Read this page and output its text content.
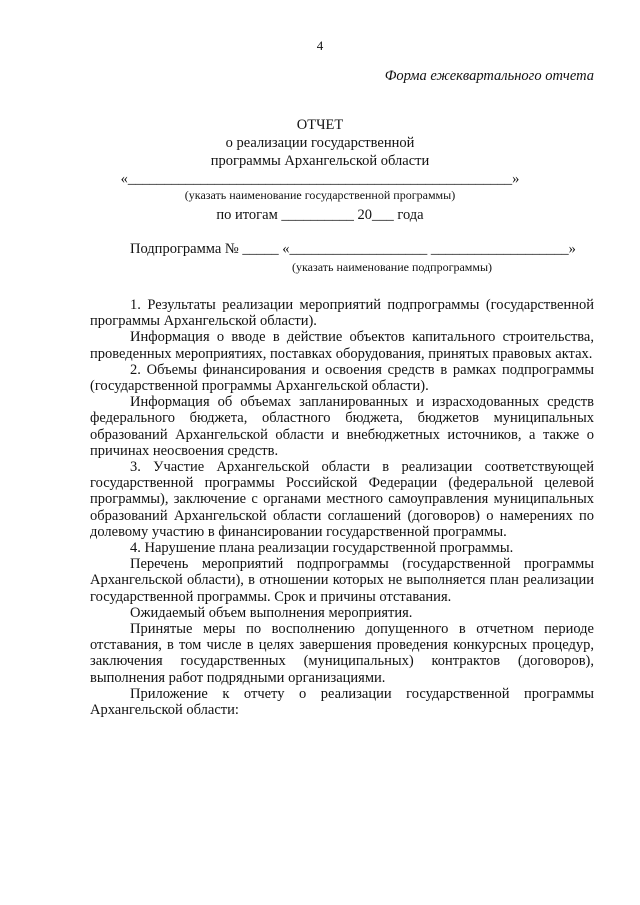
4
Форма ежеквартального отчета
ОТЧЕТ
о реализации государственной
программы Архангельской области
«_____________________________________________________»
(указать наименование государственной программы)
по итогам __________ 20___ года
Подпрограмма № _____ «___________________ ___________________»
(указать наименование подпрограммы)

1. Результаты реализации мероприятий подпрограммы (государственной программы Архангельской области).

Информация о вводе в действие объектов капитального строительства, проведенных мероприятиях, поставках оборудования, принятых правовых актах.

2. Объемы финансирования и освоения средств в рамках подпрограммы (государственной программы Архангельской области).

Информация об объемах запланированных и израсходованных средств федерального бюджета, областного бюджета, бюджетов муниципальных образований Архангельской области и внебюджетных источников, а также о причинах неосвоения средств.

3. Участие Архангельской области в реализации соответствующей государственной программы Российской Федерации (федеральной целевой программы), заключение с органами местного самоуправления муниципальных образований Архангельской области соглашений (договоров) о намерениях по долевому участию в финансировании государственной программы.

4. Нарушение плана реализации государственной программы.

Перечень мероприятий подпрограммы (государственной программы Архангельской области), в отношении которых не выполняется план реализации государственной программы. Срок и причины отставания.

Ожидаемый объем выполнения мероприятия.

Принятые меры по восполнению допущенного в отчетном периоде отставания, в том числе в целях завершения проведения конкурсных процедур, заключения государственных (муниципальных) контрактов (договоров), выполнения работ подрядными организациями.

Приложение к отчету о реализации государственной программы Архангельской области:
